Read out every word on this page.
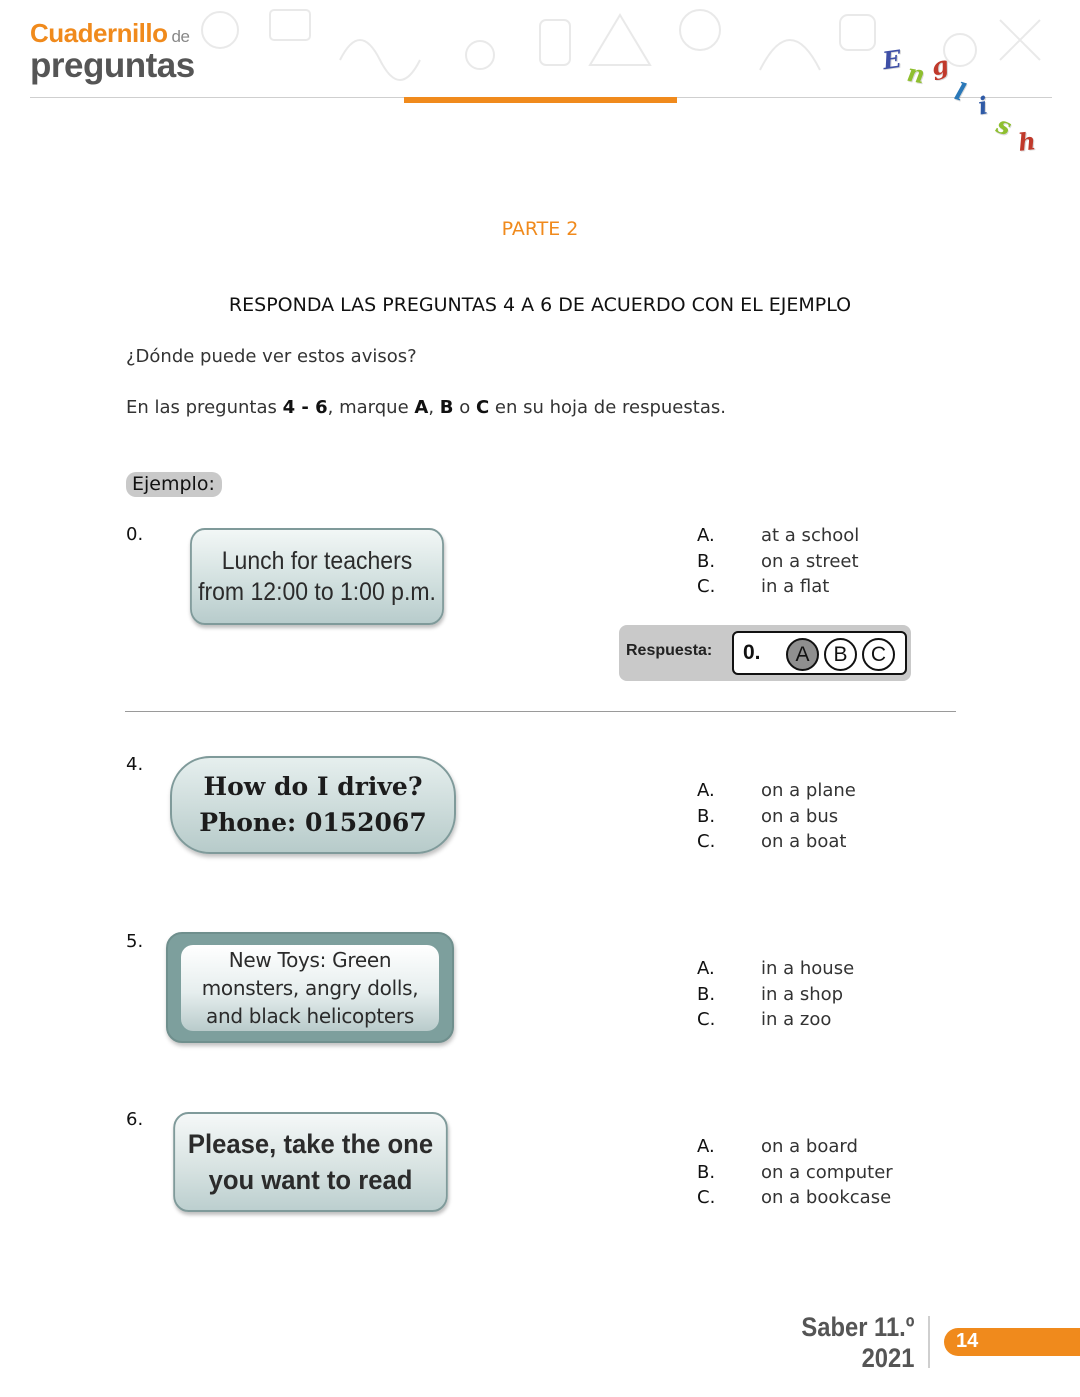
Cuadernillo de
preguntas	E n g
l i
s
h
PARTE 2
RESPONDA LAS PREGUNTAS 4 A 6 DE ACUERDO CON EL EJEMPLO
¿Dónde puede ver estos avisos?
En las preguntas 4 - 6, marque A, B o C en su hoja de respuestas.
Ejemplo:
0.
Lunch for teachers
from 12:00 to 1:00 p.m.
A.	at a school
B.	on a street
C.	in a flat
Respuesta: 0.	A	B	C
4.
How do I drive?
Phone: 0152067
A.	on a plane
B.	on a bus
C.	on a boat
5.
New Toys: Green
monsters, angry dolls,
and black helicopters
A.	in a house
B.	in a shop
C.	in a zoo
6.
Please, take the one
you want to read
A.	on a board
B.	on a computer
C.	on a bookcase
Saber 11.º
2021
14
